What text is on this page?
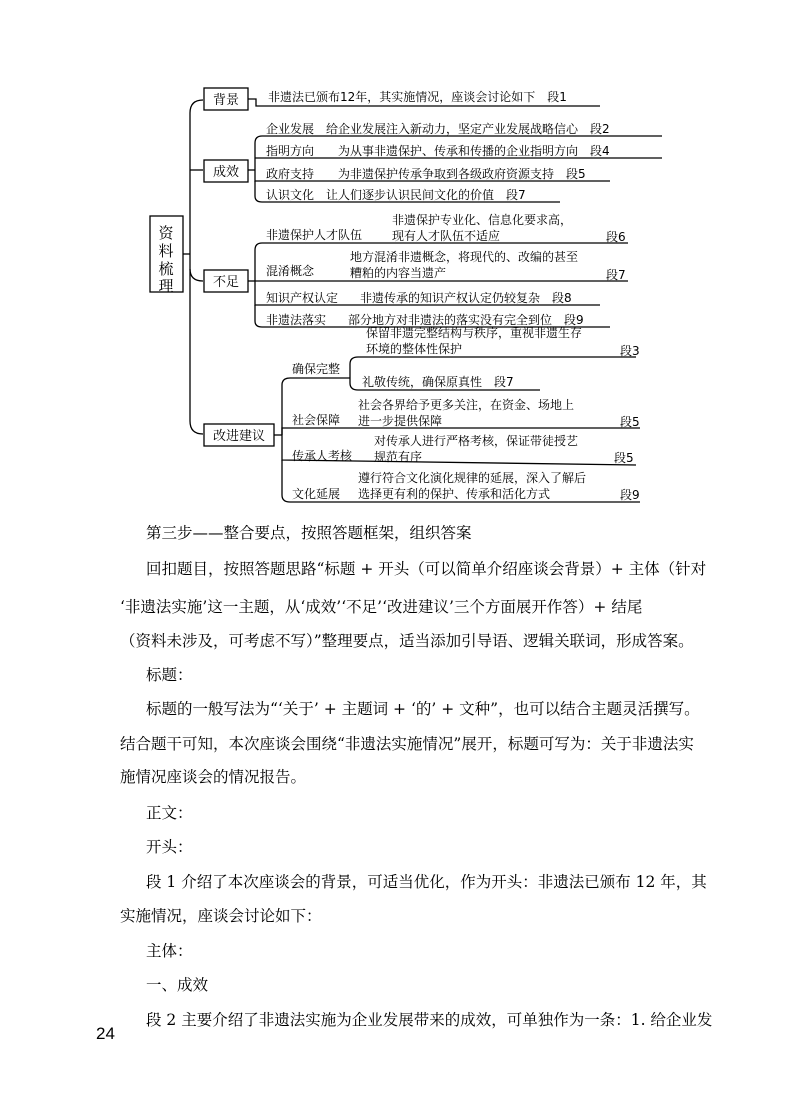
资
料
梳
理
背景 非遗法已颁布12年，其实施情况，座谈会讨论如下　段1
成效
企业发展　给企业发展注入新动力，坚定产业发展战略信心　段2
指明方向　　为从事非遗保护、传承和传播的企业指明方向　段4
政府支持　　为非遗保护传承争取到各级政府资源支持　段5
认识文化　让人们逐步认识民间文化的价值　段7
不足
非遗保护人才队伍
非遗保护专业化、信息化要求高，
现有人才队伍不适应	段6
混淆概念
地方混淆非遗概念，将现代的、改编的甚至
糟粕的内容当遗产	段7
知识产权认定 非遗传承的知识产权认定仍较复杂　段8
非遗法落实 部分地方对非遗法的落实没有完全到位　段9
改进建议
确保完整
保留非遗完整结构与秩序，重视非遗生存
环境的整体性保护	段3
礼敬传统，确保原真性　段7
社会保障
社会各界给予更多关注，在资金、场地上
进一步提供保障	段5
传承人考核
对传承人进行严格考核，保证带徒授艺
规范有序	段5
文化延展
遵行符合文化演化规律的延展，深入了解后
选择更有利的保护、传承和活化方式	段9

第三步——整合要点，按照答题框架，组织答案

回扣题目，按照答题思路“标题 + 开头（可以简单介绍座谈会背景）+ 主体（针对

‘非遗法实施’这一主题，从‘成效’‘不足’‘改进建议’三个方面展开作答）+ 结尾

（资料未涉及，可考虑不写）”整理要点，适当添加引导语、逻辑关联词，形成答案。

标题：

标题的一般写法为“‘关于’ + 主题词 + ‘的’ + 文种”，也可以结合主题灵活撰写。

结合题干可知，本次座谈会围绕“非遗法实施情况”展开，标题可写为：关于非遗法实

施情况座谈会的情况报告。

正文：

开头：

段 1 介绍了本次座谈会的背景，可适当优化，作为开头：非遗法已颁布 12 年，其

实施情况，座谈会讨论如下：

主体：

一、成效

段 2 主要介绍了非遗法实施为企业发展带来的成效，可单独作为一条：1. 给企业发

24
